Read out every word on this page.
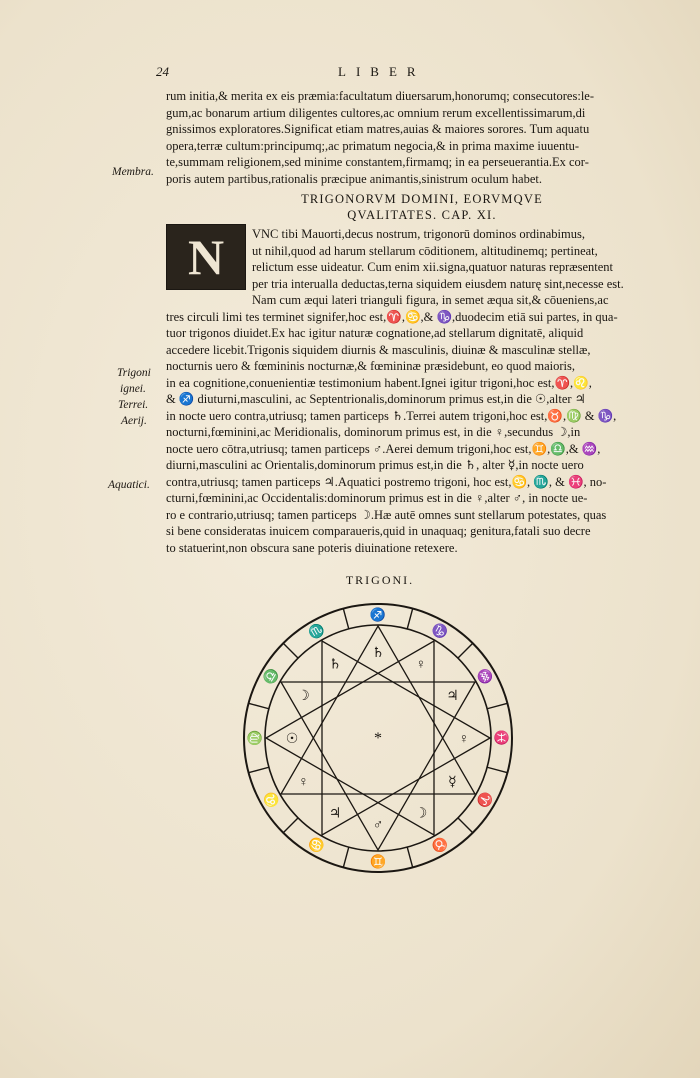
24	LIBER

rum initia,& merita ex eis præmia:facultatum diuersarum,honorumq; consecutores:le-

gum,ac bonarum artium diligentes cultores,ac omnium rerum excellentissimarum,di

gnissimos exploratores.Significat etiam matres,auias & maiores sorores. Tum aquatu

opera,terræ cultum:principumq;,ac primatum negocia,& in prima maxime iuuentu-

te,summam religionem,sed minime constantem,firmamq; in ea perseuerantia.Ex cor-

poris autem partibus,rationalis præcipue animantis,sinistrum oculum habet.

Membra.
TRIGONORVM DOMINI, EORVMQVE
QVALITATES. CAP. XI.
N	VNC tibi Mauorti,decus nostrum, trigonorū dominos ordinabimus,

ut nihil,quod ad harum stellarum cōditionem, altitudinemq; pertineat,

relictum esse uideatur. Cum enim xii.signa,quatuor naturas repræsentent

per tria interualla deductas,terna siquidem eiusdem naturę sint,necesse est.

Nam cum æqui lateri trianguli figura, in semet æqua sit,& cōueniens,ac

tres circuli limi tes terminet signifer,hoc est,♈,♋,& ♑,duodecim etiā sui partes, in qua-

tuor trigonos diuidet.Ex hac igitur naturæ cognatione,ad stellarum dignitatē, aliquid

accedere licebit.Trigonis siquidem diurnis & masculinis, diuinæ & masculinæ stellæ,

nocturnis uero & fœmininis nocturnæ,& fœmininæ præsidebunt, eo quod maioris,

in ea cognitione,conuenientiæ testimonium habent.Ignei igitur trigoni,hoc est,♈,♌,

& ♐ diuturni,masculini, ac Septentrionalis,dominorum primus est,in die ☉,alter ♃

in nocte uero contra,utriusq; tamen particeps ♄.Terrei autem trigoni,hoc est,♉,♍ & ♑,

nocturni,fœminini,ac Meridionalis, dominorum primus est, in die ♀,secundus ☽,in

nocte uero cōtra,utriusq; tamen particeps ♂.Aerei demum trigoni,hoc est,♊,♎,& ♒,

diurni,masculini ac Orientalis,dominorum primus est,in die ♄, alter ☿,in nocte uero

contra,utriusq; tamen particeps ♃.Aquatici postremo trigoni, hoc est,♋, ♏, & ♓, no-

cturni,fœminini,ac Occidentalis:dominorum primus est in die ♀,alter ♂, in nocte ue-

ro e contrario,utriusq; tamen particeps ☽.Hæ autē omnes sunt stellarum potestates, quas

si bene consideratas inuicem comparaueris,quid in unaquaq; genitura,fatali suo decre

to statuerint,non obscura sane poteris diuinatione retexere.

Trigoni
ignei.
Terrei.
Aerij.
Aquatici.
TRIGONI.
♐
♑
♒
♓
♈
♉
♊
♋
♌
♍
♎
♏
♄
♀
♃
♀
☿
☽
♂
♃
♀
☉
☽
♄
*
